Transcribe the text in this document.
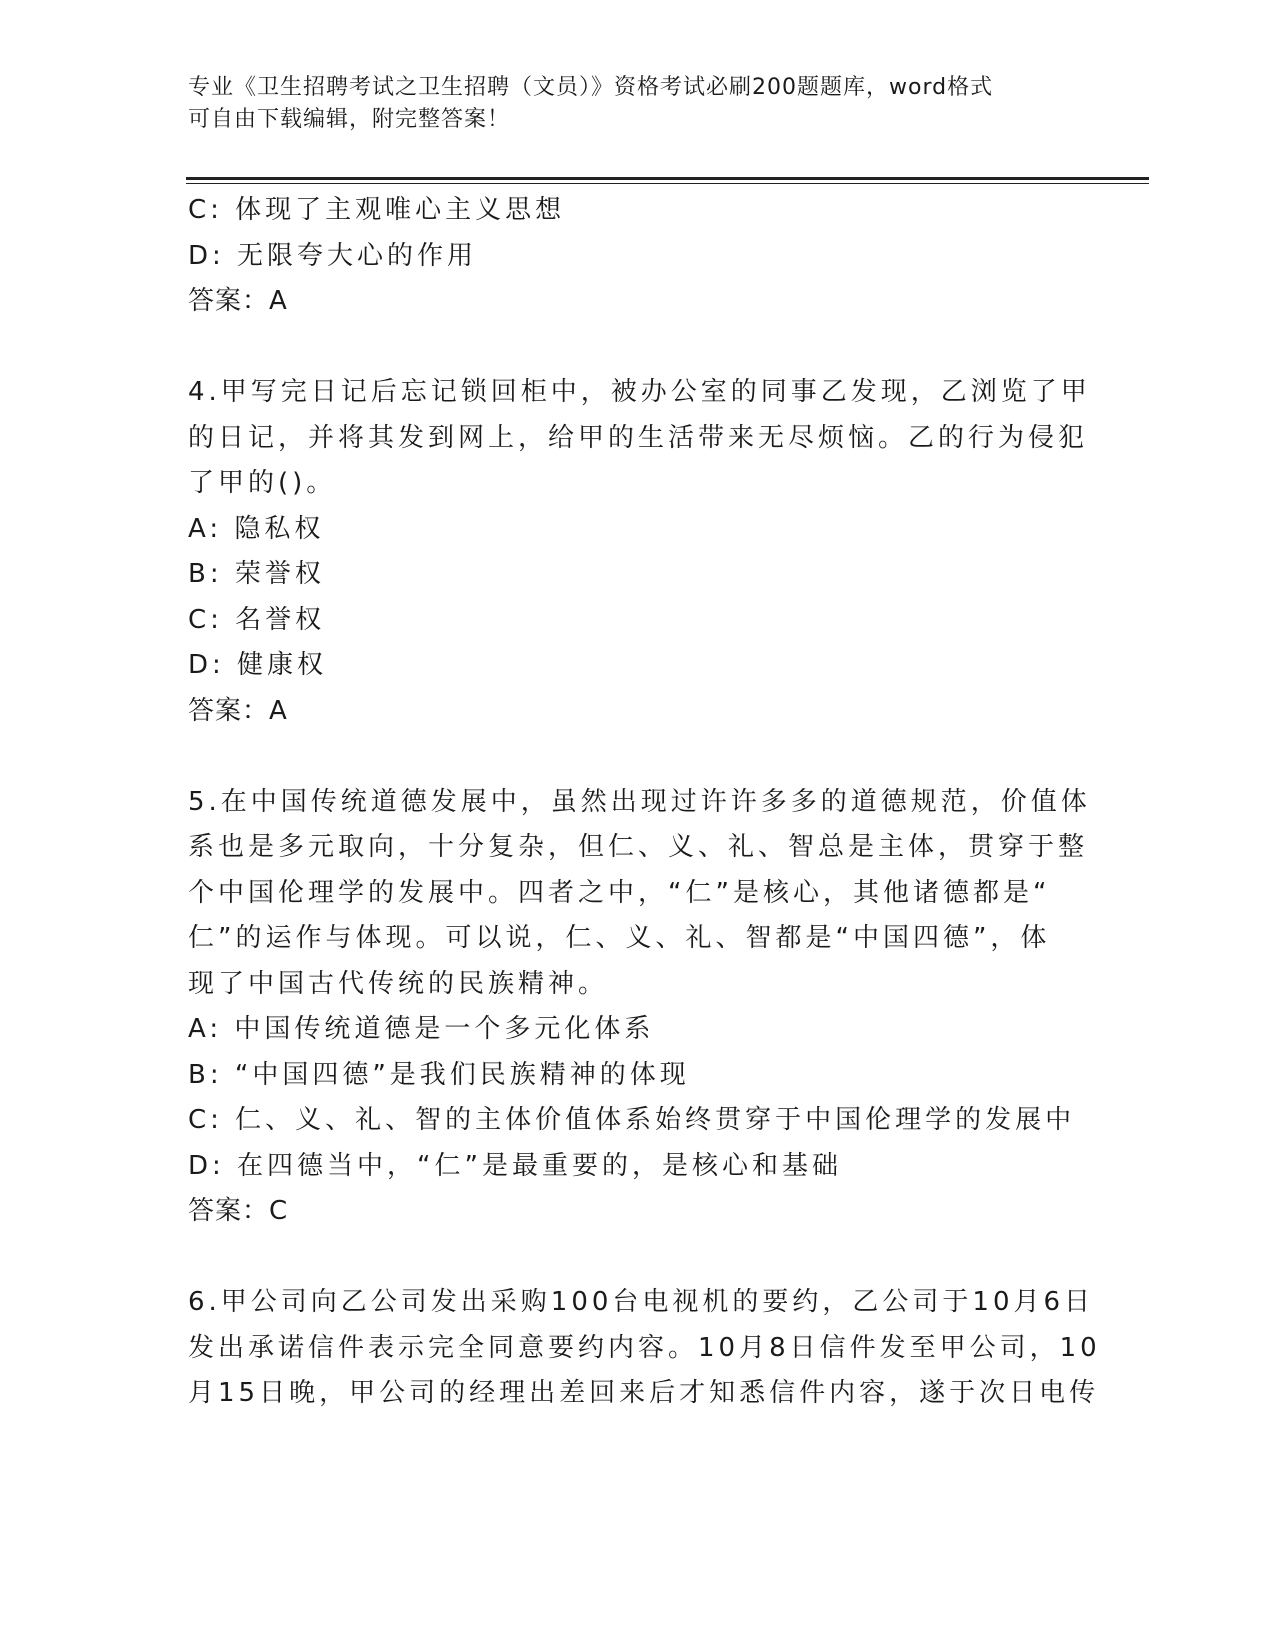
专业《卫生招聘考试之卫生招聘（文员）》资格考试必刷200题题库，word格式
可自由下载编辑，附完整答案！
C: 体现了主观唯心主义思想
D: 无限夸大心的作用
答案：A
4.甲写完日记后忘记锁回柜中，被办公室的同事乙发现，乙浏览了甲
的日记，并将其发到网上，给甲的生活带来无尽烦恼。乙的行为侵犯
了甲的()。
A: 隐私权
B: 荣誉权
C: 名誉权
D: 健康权
答案：A
5.在中国传统道德发展中，虽然出现过许许多多的道德规范，价值体
系也是多元取向，十分复杂，但仁、义、礼、智总是主体，贯穿于整
个中国伦理学的发展中。四者之中，“仁”是核心，其他诸德都是“
仁”的运作与体现。可以说，仁、义、礼、智都是“中国四德”，体
现了中国古代传统的民族精神。
A: 中国传统道德是一个多元化体系
B: “中国四德”是我们民族精神的体现
C: 仁、义、礼、智的主体价值体系始终贯穿于中国伦理学的发展中
D: 在四德当中，“仁”是最重要的，是核心和基础
答案：C
6.甲公司向乙公司发出采购100台电视机的要约，乙公司于10月6日
发出承诺信件表示完全同意要约内容。10月8日信件发至甲公司，10
月15日晚，甲公司的经理出差回来后才知悉信件内容，遂于次日电传
